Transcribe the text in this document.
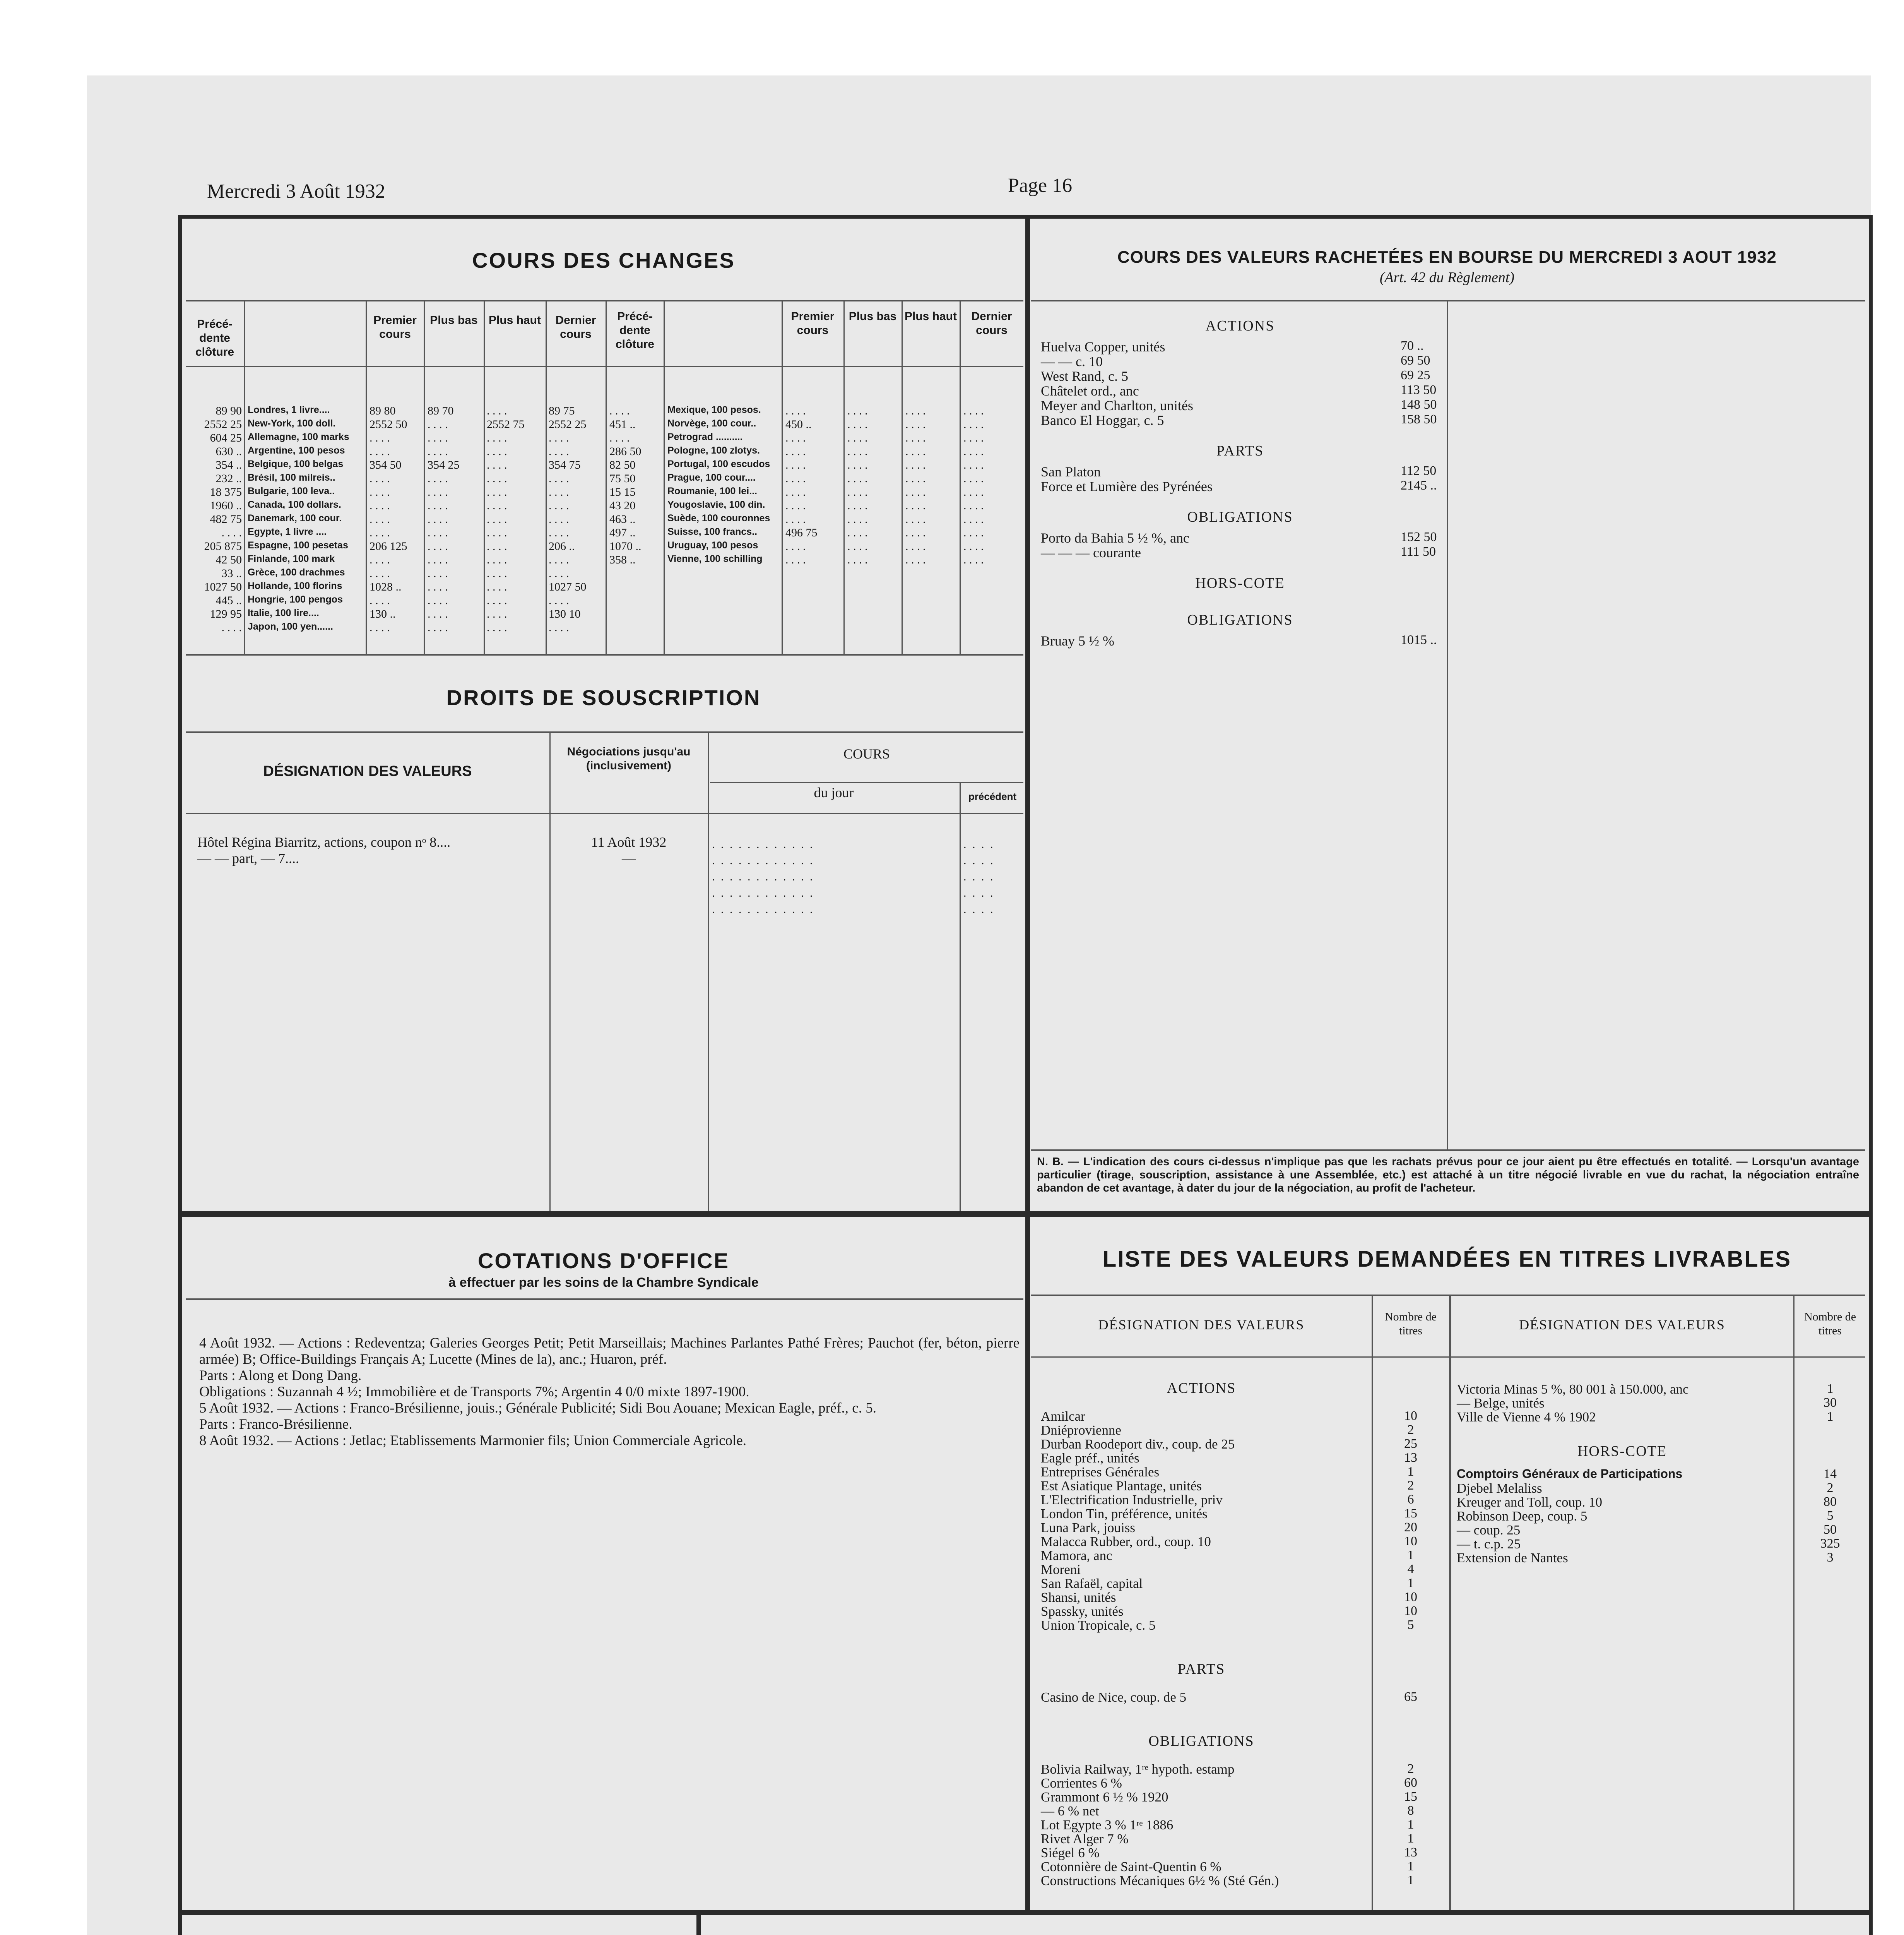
Mercredi 3 Août 1932	Page 16
COURS DES CHANGES
Précé- dente clôture
Premier cours
Plus bas Plus haut	Dernier cours
Précé- dente clôture
Premier cours
Plus bas Plus haut	Dernier cours
89 90 Londres, 1 livre....	89 80	89 70	. . . .	89 75
2552 25 New-York, 100 doll.	2552 50	. . . .	2552 75	2552 25
604 25 Allemagne, 100 marks	. . . .	. . . .	. . . .	. . . .
630 .. Argentine, 100 pesos	. . . .	. . . .	. . . .	. . . .
354 .. Belgique, 100 belgas	354 50	354 25	. . . .	354 75
232 .. Brésil, 100 milreis..	. . . .	. . . .	. . . .	. . . .
18 375 Bulgarie, 100 leva..	. . . .	. . . .	. . . .	. . . .
1960 .. Canada, 100 dollars.	. . . .	. . . .	. . . .	. . . .
482 75 Danemark, 100 cour.	. . . .	. . . .	. . . .	. . . .
. . . . Egypte, 1 livre ....	. . . .	. . . .	. . . .	. . . .
205 875 Espagne, 100 pesetas	206 125	. . . .	. . . .	206 ..
42 50 Finlande, 100 mark	. . . .	. . . .	. . . .	. . . .
33 .. Grèce, 100 drachmes	. . . .	. . . .	. . . .	. . . .
1027 50 Hollande, 100 florins	1028 ..	. . . .	. . . .	1027 50
445 .. Hongrie, 100 pengos	. . . .	. . . .	. . . .	. . . .
129 95 Italie, 100 lire....	130 ..	. . . .	. . . .	130 10
. . . . Japon, 100 yen......	. . . .	. . . .	. . . .	. . . .
. . . .	Mexique, 100 pesos.	. . . .	. . . .	. . . .	. . . .
451 ..	Norvège, 100 cour..	450 ..	. . . .	. . . .	. . . .
. . . .	Petrograd ..........	. . . .	. . . .	. . . .	. . . .
286 50	Pologne, 100 zlotys.	. . . .	. . . .	. . . .	. . . .
82 50	Portugal, 100 escudos	. . . .	. . . .	. . . .	. . . .
75 50	Prague, 100 cour....	. . . .	. . . .	. . . .	. . . .
15 15	Roumanie, 100 lei...	. . . .	. . . .	. . . .	. . . .
43 20	Yougoslavie, 100 din.	. . . .	. . . .	. . . .	. . . .
463 ..	Suède, 100 couronnes	. . . .	. . . .	. . . .	. . . .
497 ..	Suisse, 100 francs..	496 75	. . . .	. . . .	. . . .
1070 ..	Uruguay, 100 pesos	. . . .	. . . .	. . . .	. . . .
358 ..	Vienne, 100 schilling	. . . .	. . . .	. . . .	. . . .
DROITS DE SOUSCRIPTION
DÉSIGNATION DES VALEURS
Négociations jusqu'au (inclusivement)
COURS
du jour	précédent
Hôtel Régina Biarritz, actions, coupon nᵒ 8....	11 Août 1932
— — part, — 7....	—
. . . . . . . . . . . .	. . . .
. . . . . . . . . . . .	. . . .
. . . . . . . . . . . .	. . . .
. . . . . . . . . . . .	. . . .
. . . . . . . . . . . .	. . . .
COURS DES VALEURS RACHETÉES EN BOURSE DU MERCREDI 3 AOUT 1932
(Art. 42 du Règlement)
ACTIONS
Huelva Copper, unités	70 ..
— — c. 10	69 50
West Rand, c. 5	69 25
Châtelet ord., anc	113 50
Meyer and Charlton, unités	148 50
Banco El Hoggar, c. 5	158 50
PARTS
San Platon	112 50
Force et Lumière des Pyrénées	2145 ..
OBLIGATIONS
Porto da Bahia 5 ½ %, anc	152 50
— — — courante	111 50
HORS-COTE
OBLIGATIONS
Bruay 5 ½ %	1015 ..
N. B. — L'indication des cours ci-dessus n'implique pas que les rachats prévus pour ce jour aient pu être effectués en totalité. — Lorsqu'un avantage particulier (tirage, souscription, assistance à une Assemblée, etc.) est attaché à un titre négocié livrable en vue du rachat, la négociation entraîne abandon de cet avantage, à dater du jour de la négociation, au profit de l'acheteur.
COTATIONS D'OFFICE
à effectuer par les soins de la Chambre Syndicale
4 Août 1932. — Actions : Redeventza; Galeries Georges Petit; Petit Marseillais; Machines Parlantes Pathé Frères; Pauchot (fer, béton, pierre armée) B; Office-Buildings Français A; Lucette (Mines de la), anc.; Huaron, préf.
Parts : Along et Dong Dang.
Obligations : Suzannah 4 ½; Immobilière et de Transports 7%; Argentin 4 0/0 mixte 1897-1900.
5 Août 1932. — Actions : Franco-Brésilienne, jouis.; Générale Publicité; Sidi Bou Aouane; Mexican Eagle, préf., c. 5.
Parts : Franco-Brésilienne.
8 Août 1932. — Actions : Jetlac; Etablissements Marmonier fils; Union Commerciale Agricole.
LISTE DES VALEURS DEMANDÉES EN TITRES LIVRABLES
DÉSIGNATION DES VALEURS
Nombre de titres	DÉSIGNATION DES VALEURS
Nombre de titres
ACTIONS
Amilcar	10
Dniéprovienne	2
Durban Roodeport div., coup. de 25	25
Eagle préf., unités	13
Entreprises Générales	1
Est Asiatique Plantage, unités	2
L'Electrification Industrielle, priv	6
London Tin, préférence, unités	15
Luna Park, jouiss	20
Malacca Rubber, ord., coup. 10	10
Mamora, anc	1
Moreni	4
San Rafaël, capital	1
Shansi, unités	10
Spassky, unités	10
Union Tropicale, c. 5	5
PARTS
Casino de Nice, coup. de 5	65
OBLIGATIONS
Bolivia Railway, 1ʳᵉ hypoth. estamp	2
Corrientes 6 %	60
Grammont 6 ½ % 1920	15
— 6 % net	8
Lot Egypte 3 % 1ʳᵉ 1886	1
Rivet Alger 7 %	1
Siégel 6 %	13
Cotonnière de Saint-Quentin 6 %	1
Constructions Mécaniques 6½ % (Sté Gén.)	1
Victoria Minas 5 %, 80 001 à 150.000, anc	1
— Belge, unités	30
Ville de Vienne 4 % 1902	1
HORS-COTE
Comptoirs Généraux de Participations	14
Djebel Melaliss	2
Kreuger and Toll, coup. 10	80
Robinson Deep, coup. 5	5
— coup. 25	50
— t. c.p. 25	325
Extension de Nantes	3
